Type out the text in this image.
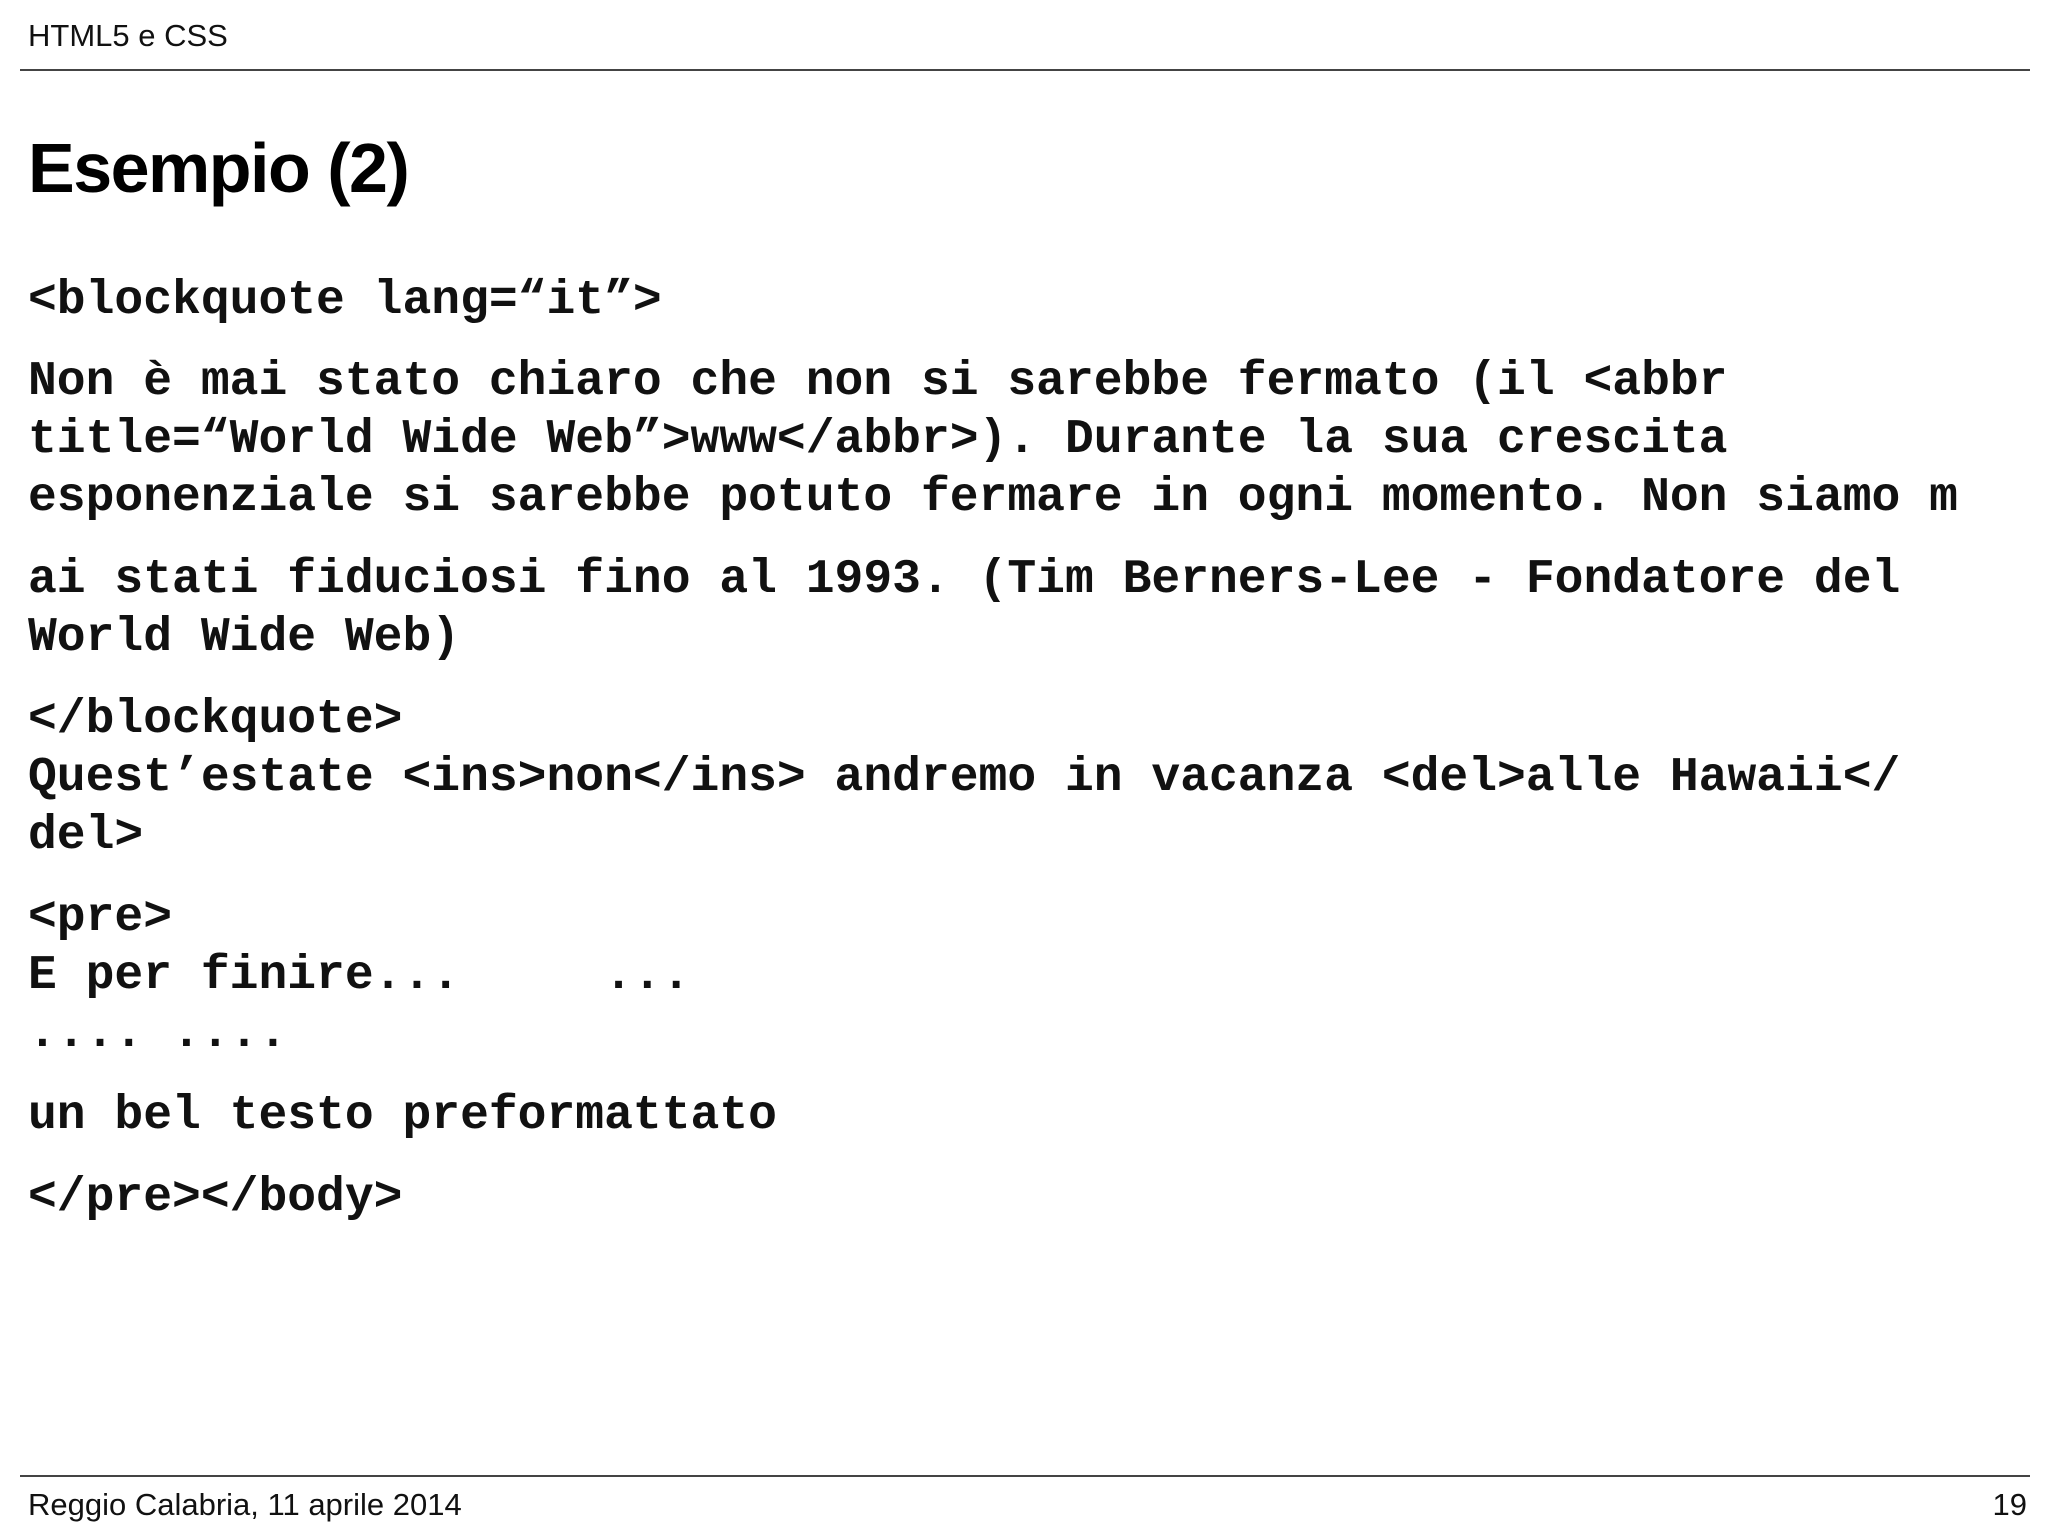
HTML5 e CSS
Esempio (2)
<blockquote lang=“it”>
Non è mai stato chiaro che non si sarebbe fermato (il <abbr
title=“World Wide Web”>www</abbr>). Durante la sua crescita
esponenziale si sarebbe potuto fermare in ogni momento. Non siamo m
ai stati fiduciosi fino al 1993. (Tim Berners-Lee - Fondatore del
World Wide Web)
</blockquote>
Quest’estate <ins>non</ins> andremo in vacanza <del>alle Hawaii</
del>
<pre>
E per finire...     ...
.... ....
un bel testo preformattato
</pre></body>
Reggio Calabria, 11 aprile 2014	19
